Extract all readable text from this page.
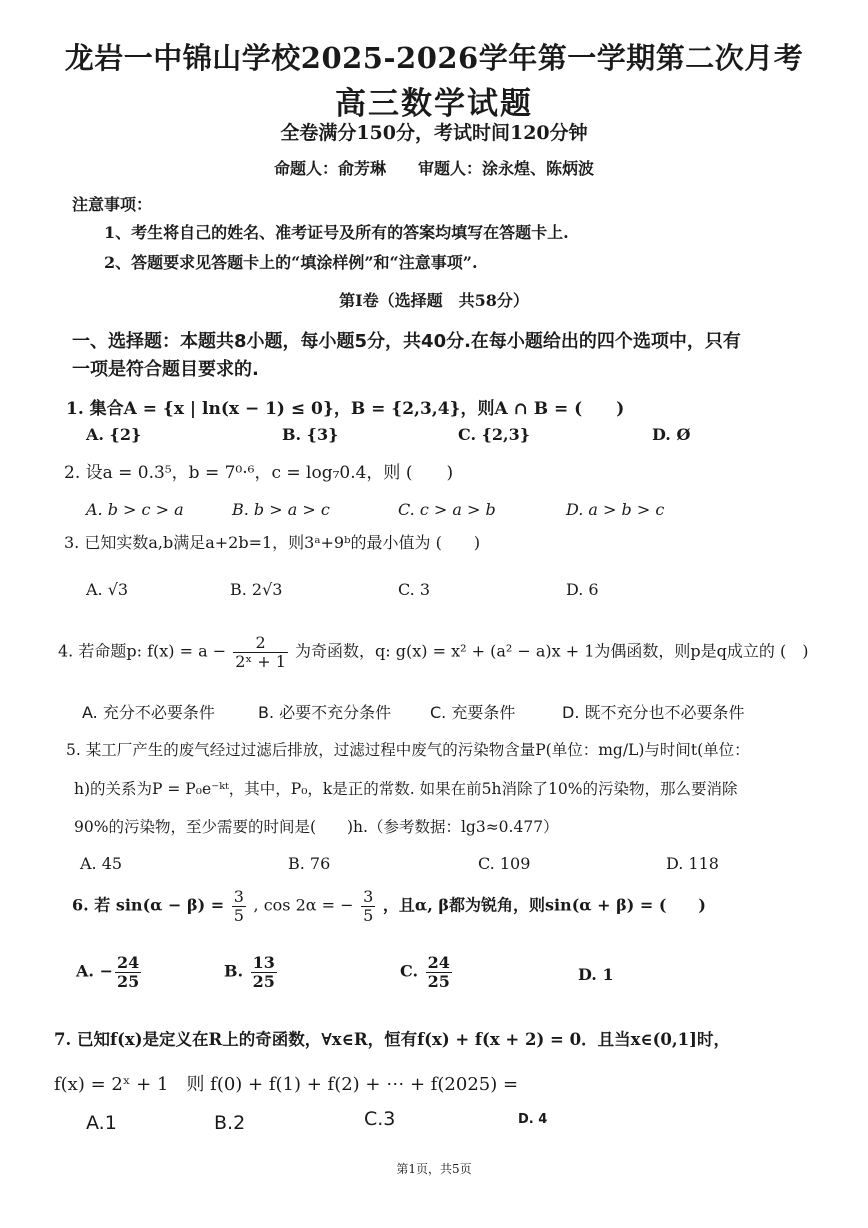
龙岩一中锦山学校2025-2026学年第一学期第二次月考
高三数学试题
全卷满分150分，考试时间120分钟
命题人：俞芳琳　　审题人：涂永煌、陈炳波
注意事项：
1、考生将自己的姓名、准考证号及所有的答案均填写在答题卡上.
2、答题要求见答题卡上的“填涂样例”和“注意事项”.
第Ⅰ卷（选择题　共58分）
一、选择题：本题共8小题，每小题5分，共40分.在每小题给出的四个选项中，只有
一项是符合题目要求的.
1. 集合A = {x | ln(x − 1) ≤ 0}，B = {2,3,4}，则A ∩ B = (　　)
A. {2}	B. {3}	C. {2,3}	D. Ø
2. 设a = 0.3⁵，b = 7⁰·⁶，c = log₇0.4，则 (　　)
A. b > c > a	B. b > a > c	C. c > a > b	D. a > b > c
3. 已知实数a,b满足a+2b=1，则3ᵃ+9ᵇ的最小值为 (　　)
A. √3	B. 2√3	C. 3	D. 6
4. 若命题p: $f(x) = a - \frac{2}{\text{2ˣ + 1}}$ 为奇函数，q: g(x) = x² + (a² − a)x + 1为偶函数，则p是q成立的 (　)
A. 充分不必要条件	B. 必要不充分条件 C. 充要条件	D. 既不充分也不必要条件
5. 某工厂产生的废气经过过滤后排放，过滤过程中废气的污染物含量P(单位：mg/L)与时间t(单位：
h)的关系为P = P₀e⁻ᵏᵗ，其中，P₀，k是正的常数. 如果在前5h消除了10%的污染物，那么要消除
90%的污染物，至少需要的时间是(　　)h.（参考数据：lg3≈0.477）
A. 45	B. 76	C. 109	D. 118
6. 若 $\sin(\alpha - \beta) = \frac{3}{5}$ , cos 2α = − $\frac{3}{5}$ ，且α, β都为锐角，则sin(α + β) = (　　)
A. − $\frac{24}{25}$	B. $\frac{13}{25}$	C. $\frac{24}{25}$	D. 1
7. 已知f(x)是定义在R上的奇函数，∀x∈R，恒有f(x) + f(x + 2) = 0．且当x∈(0,1]时，
f(x) = 2ˣ + 1　则 f(0) + f(1) + f(2) + ⋯ + f(2025) =
A.1	B.2	C.3	D. 4
第1页，共5页
